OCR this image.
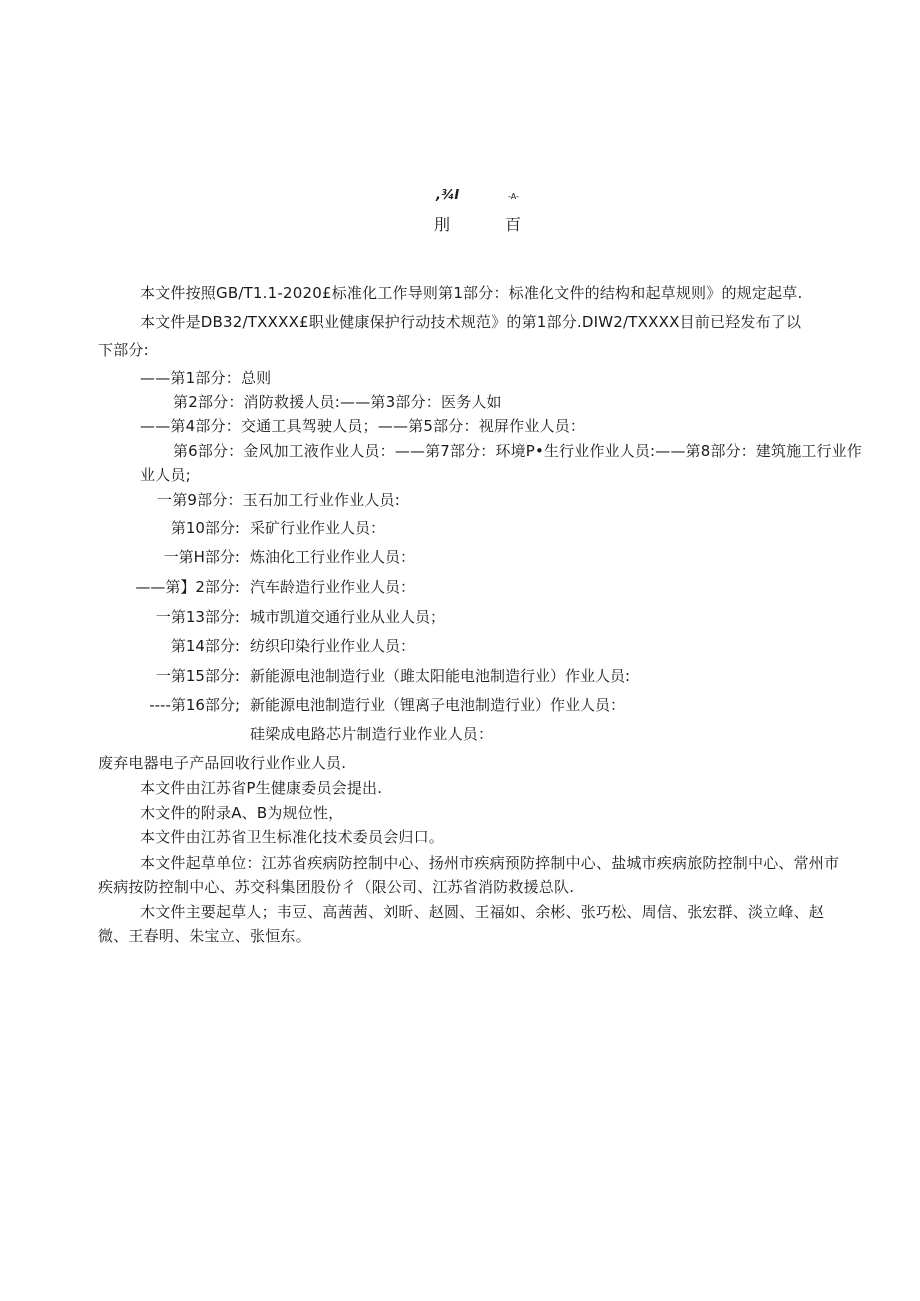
,¾I	-A-
刖	百
本文件按照GB/T1.1-2020£标准化工作导则第1部分：标准化文件的结构和起草规则》的规定起草.
本文件是DB32/TXXXX£职业健康保护行动技术规范》的第1部分.DIW2/TXXXX目前已羟发布了以
下部分:
——第1部分：总则
第2部分：消防救援人员:——第3部分：医务人如
——第4部分：交通工具驾驶人员；——第5部分：视屏作业人员：
第6部分：金风加工液作业人员：——第7部分：环境P•生行业作业人员:——第8部分：建筑施工行业作
业人员;
一第9部分：玉石加工行业作业人员:
第10部分: 采矿行业作业人员：
一第H部分: 炼油化工行业作业人员：
——第】2部分: 汽车龄造行业作业人员：
一第13部分: 城市凯道交通行业从业人员；
第14部分: 纺织印染行业作业人员：
一第15部分: 新能源电池制造行业（雎太阳能电池制造行业）作业人员:
----第16部分; 新能源电池制造行业（锂离子电池制造行业）作业人员：
硅梁成电路芯片制造行业作业人员：
废弃电器电子产品回收行业作业人员.
本文件由江苏省P生健康委员会提出.
木文件的附录A、B为规位性，
本文件由江苏省卫生标准化技术委员会归口。
本文件起草单位：江苏省疾病防控制中心、扬州市疾病预防捽制中心、盐城市疾病旅防控制中心、常州市
疾病按防控制中心、苏交科集团股份彳（限公司、江苏省消防救援总队.
木文件主要起草人；韦豆、高茜茜、刘昕、赵圆、王福如、余彬、张巧松、周信、张宏群、淡立峰、赵
微、王春明、朱宝立、张恒东。
